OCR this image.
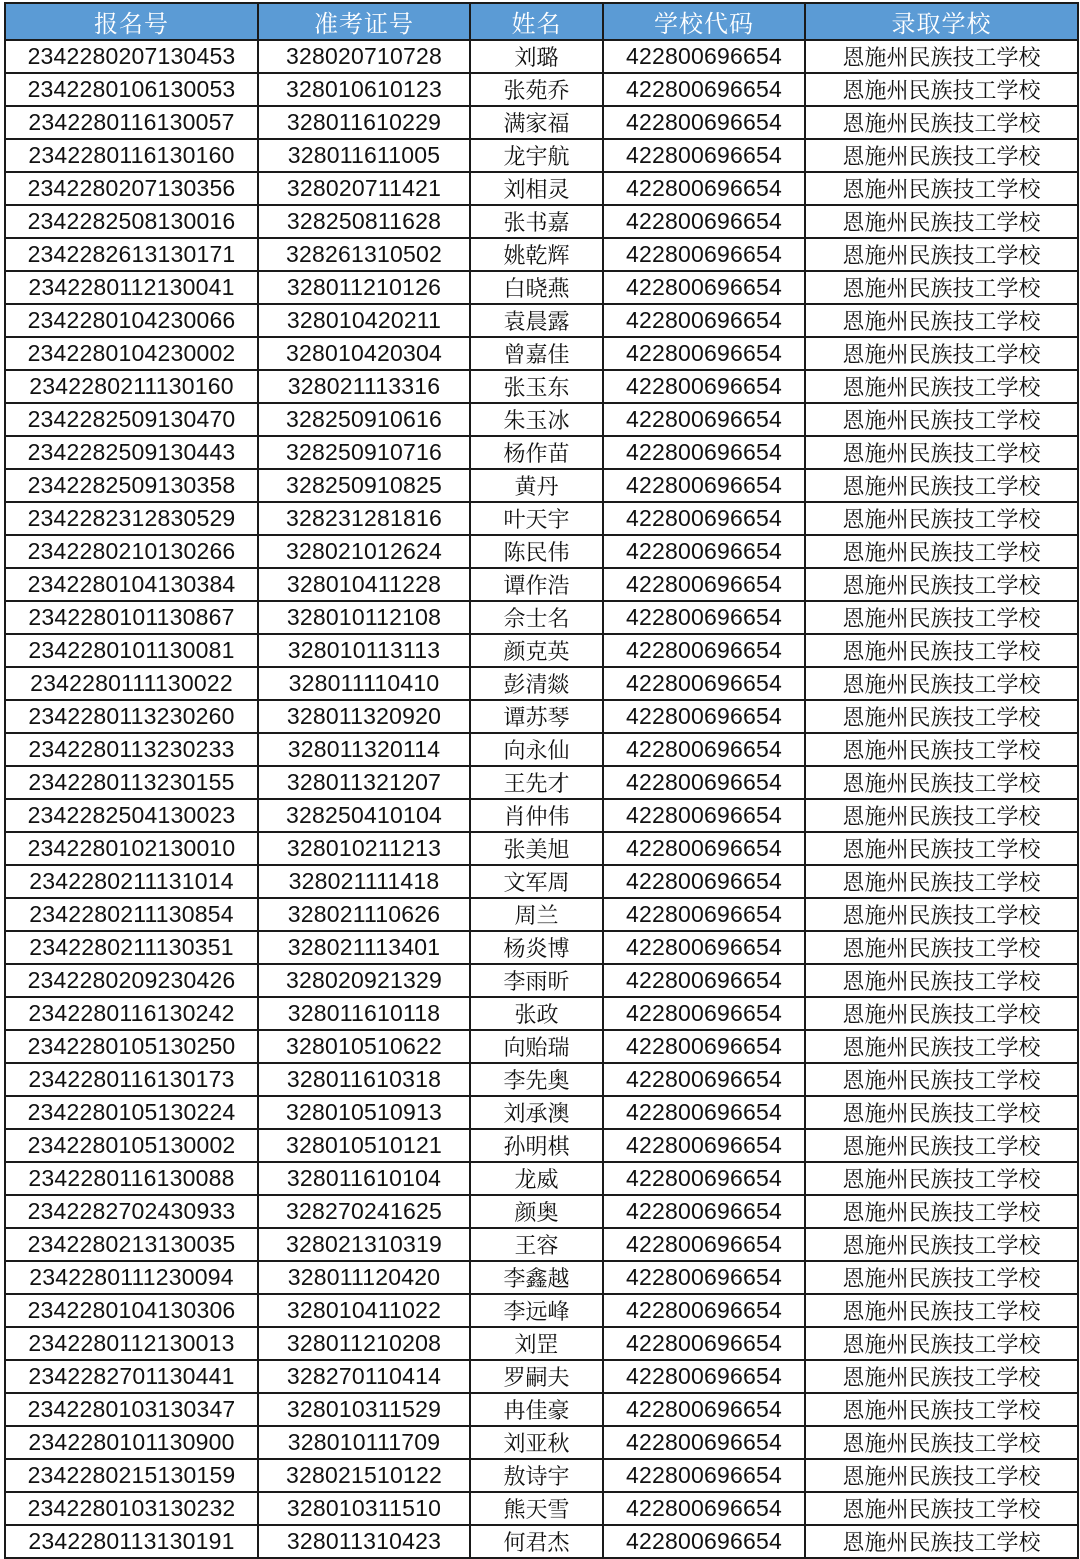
报名号	准考证号	姓名	学校代码	录取学校
2342280207130453	328020710728	刘璐	422800696654	恩施州民族技工学校
2342280106130053	328010610123	张苑乔	422800696654	恩施州民族技工学校
2342280116130057	328011610229	满家福	422800696654	恩施州民族技工学校
2342280116130160	328011611005	龙宇航	422800696654	恩施州民族技工学校
2342280207130356	328020711421	刘相灵	422800696654	恩施州民族技工学校
2342282508130016	328250811628	张书嘉	422800696654	恩施州民族技工学校
2342282613130171	328261310502	姚乾辉	422800696654	恩施州民族技工学校
2342280112130041	328011210126	白晓燕	422800696654	恩施州民族技工学校
2342280104230066	328010420211	袁晨露	422800696654	恩施州民族技工学校
2342280104230002	328010420304	曾嘉佳	422800696654	恩施州民族技工学校
2342280211130160	328021113316	张玉东	422800696654	恩施州民族技工学校
2342282509130470	328250910616	朱玉冰	422800696654	恩施州民族技工学校
2342282509130443	328250910716	杨作苗	422800696654	恩施州民族技工学校
2342282509130358	328250910825	黄丹	422800696654	恩施州民族技工学校
2342282312830529	328231281816	叶天宇	422800696654	恩施州民族技工学校
2342280210130266	328021012624	陈民伟	422800696654	恩施州民族技工学校
2342280104130384	328010411228	谭作浩	422800696654	恩施州民族技工学校
2342280101130867	328010112108	佘士名	422800696654	恩施州民族技工学校
2342280101130081	328010113113	颜克英	422800696654	恩施州民族技工学校
2342280111130022	328011110410	彭清燚	422800696654	恩施州民族技工学校
2342280113230260	328011320920	谭苏琴	422800696654	恩施州民族技工学校
2342280113230233	328011320114	向永仙	422800696654	恩施州民族技工学校
2342280113230155	328011321207	王先才	422800696654	恩施州民族技工学校
2342282504130023	328250410104	肖仲伟	422800696654	恩施州民族技工学校
2342280102130010	328010211213	张美旭	422800696654	恩施州民族技工学校
2342280211131014	328021111418	文军周	422800696654	恩施州民族技工学校
2342280211130854	328021110626	周兰	422800696654	恩施州民族技工学校
2342280211130351	328021113401	杨炎博	422800696654	恩施州民族技工学校
2342280209230426	328020921329	李雨昕	422800696654	恩施州民族技工学校
2342280116130242	328011610118	张政	422800696654	恩施州民族技工学校
2342280105130250	328010510622	向贻瑞	422800696654	恩施州民族技工学校
2342280116130173	328011610318	李先奥	422800696654	恩施州民族技工学校
2342280105130224	328010510913	刘承澳	422800696654	恩施州民族技工学校
2342280105130002	328010510121	孙明棋	422800696654	恩施州民族技工学校
2342280116130088	328011610104	龙威	422800696654	恩施州民族技工学校
2342282702430933	328270241625	颜奥	422800696654	恩施州民族技工学校
2342280213130035	328021310319	王容	422800696654	恩施州民族技工学校
2342280111230094	328011120420	李鑫越	422800696654	恩施州民族技工学校
2342280104130306	328010411022	李远峰	422800696654	恩施州民族技工学校
2342280112130013	328011210208	刘罡	422800696654	恩施州民族技工学校
2342282701130441	328270110414	罗嗣夫	422800696654	恩施州民族技工学校
2342280103130347	328010311529	冉佳豪	422800696654	恩施州民族技工学校
2342280101130900	328010111709	刘亚秋	422800696654	恩施州民族技工学校
2342280215130159	328021510122	敖诗宇	422800696654	恩施州民族技工学校
2342280103130232	328010311510	熊天雪	422800696654	恩施州民族技工学校
2342280113130191	328011310423	何君杰	422800696654	恩施州民族技工学校
